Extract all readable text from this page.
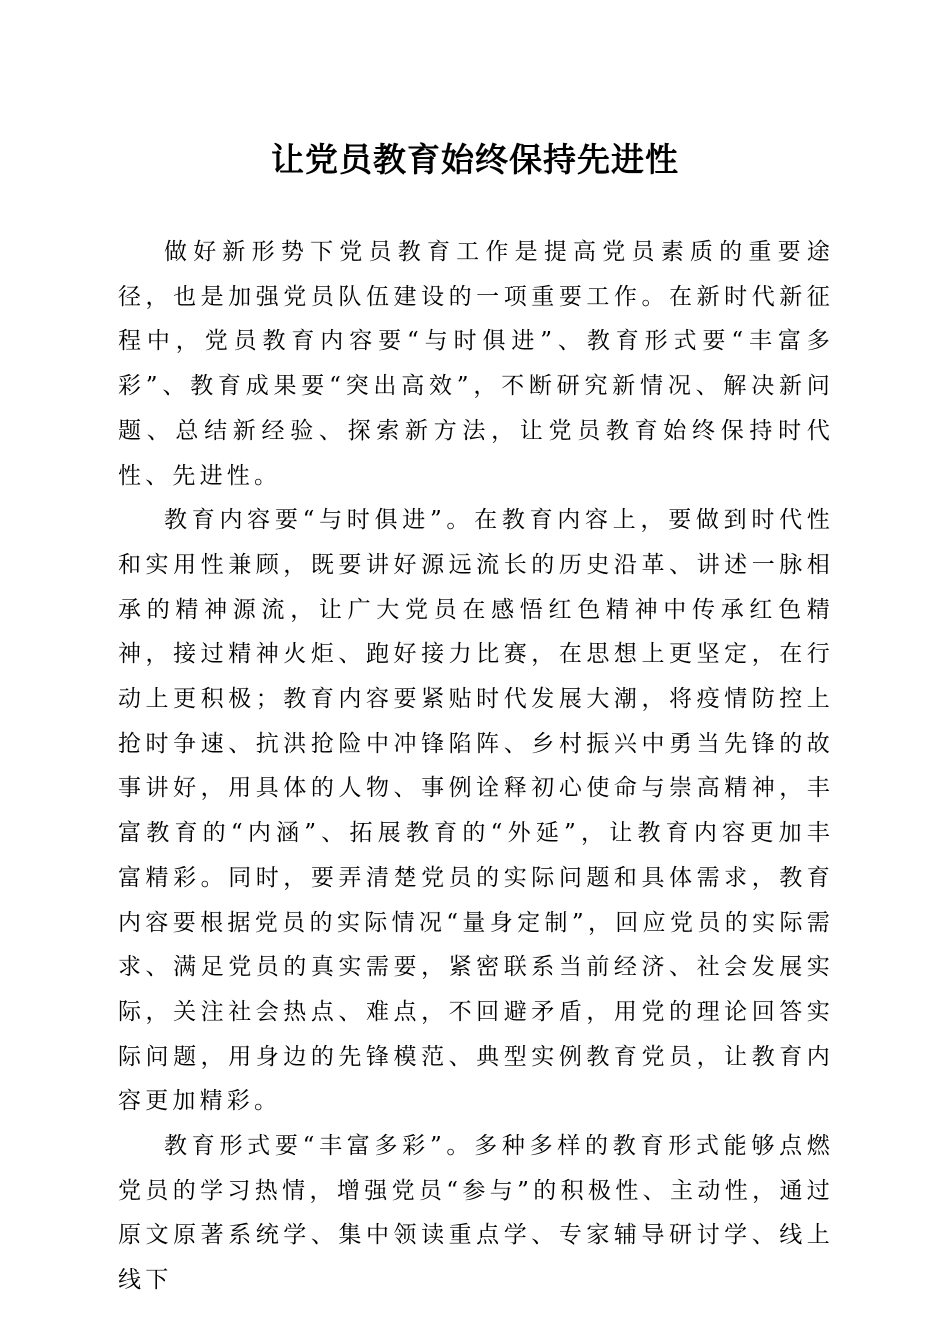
让党员教育始终保持先进性

做好新形势下党员教育工作是提高党员素质的重要途径，也是加强党员队伍建设的一项重要工作。在新时代新征程中，党员教育内容要“与时俱进”、教育形式要“丰富多彩”、教育成果要“突出高效”，不断研究新情况、解决新问题、总结新经验、探索新方法，让党员教育始终保持时代性、先进性。

教育内容要“与时俱进”。在教育内容上，要做到时代性和实用性兼顾，既要讲好源远流长的历史沿革、讲述一脉相承的精神源流，让广大党员在感悟红色精神中传承红色精神，接过精神火炬、跑好接力比赛，在思想上更坚定，在行动上更积极；教育内容要紧贴时代发展大潮，将疫情防控上抢时争速、抗洪抢险中冲锋陷阵、乡村振兴中勇当先锋的故事讲好，用具体的人物、事例诠释初心使命与崇高精神，丰富教育的“内涵”、拓展教育的“外延”，让教育内容更加丰富精彩。同时，要弄清楚党员的实际问题和具体需求，教育内容要根据党员的实际情况“量身定制”，回应党员的实际需求、满足党员的真实需要，紧密联系当前经济、社会发展实际，关注社会热点、难点，不回避矛盾，用党的理论回答实际问题，用身边的先锋模范、典型实例教育党员，让教育内容更加精彩。

教育形式要“丰富多彩”。多种多样的教育形式能够点燃党员的学习热情，增强党员“参与”的积极性、主动性，通过原文原著系统学、集中领读重点学、专家辅导研讨学、线上线下
